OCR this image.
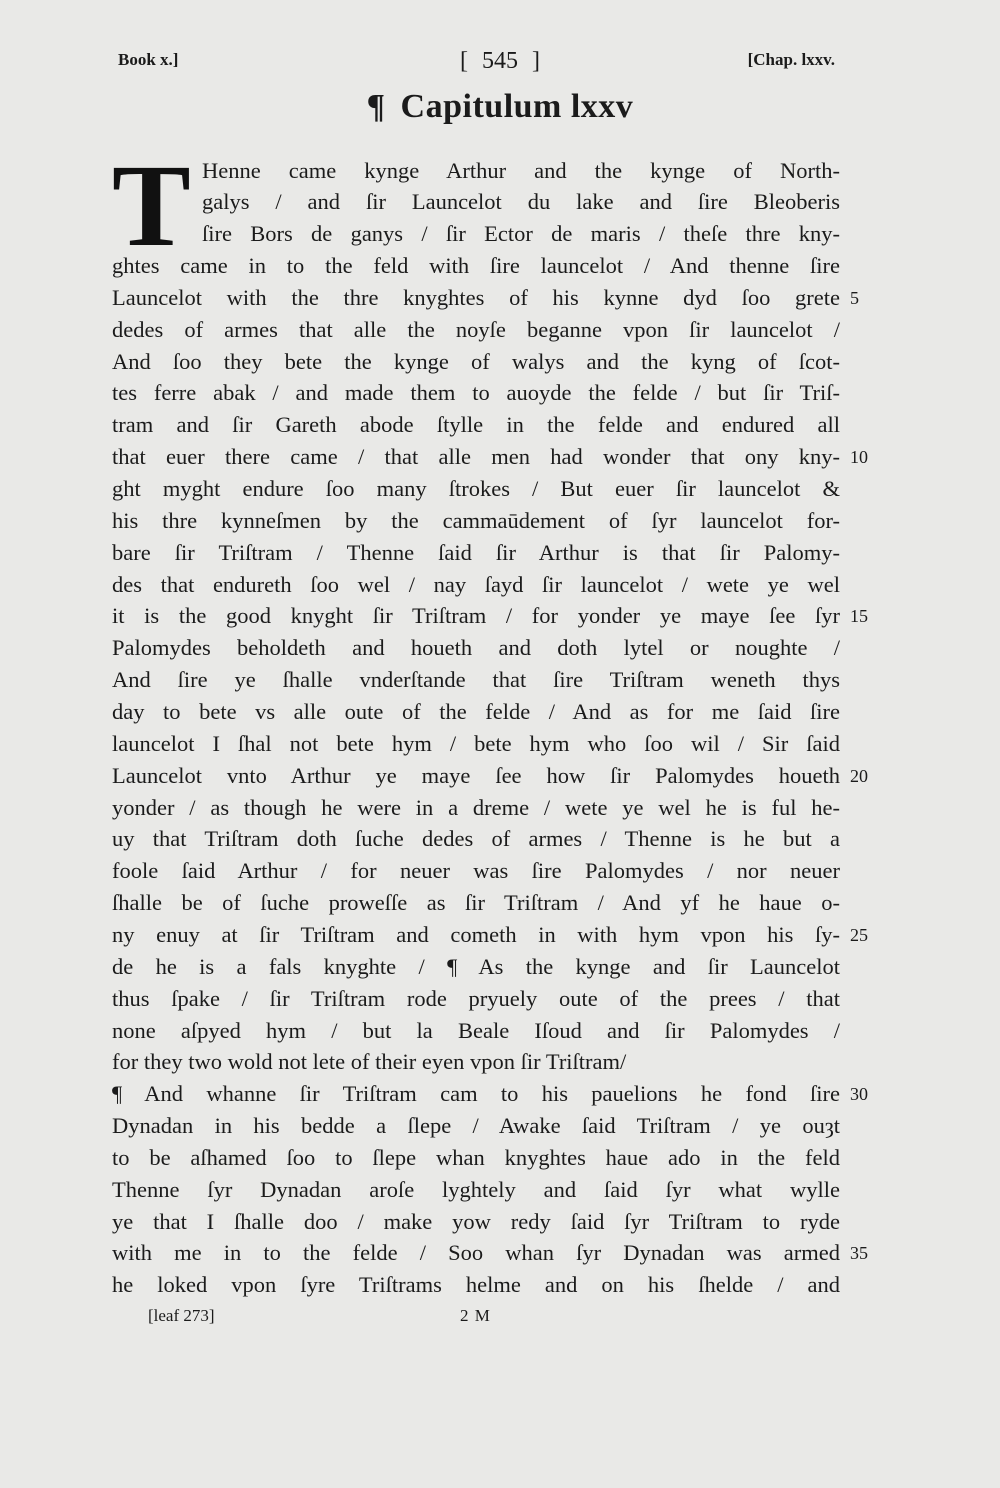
Book x.]	[ 545 ]	[Chap. lxxv.
¶ Capitulum lxxv
T Henne came kynge Arthur and the kynge of North-
galys / and ſir Launcelot du lake and ſire Bleoberis
ſire Bors de ganys / ſir Ector de maris / theſe thre kny-
ghtes came in to the feld with ſire launcelot / And thenne ſire
Launcelot with the thre knyghtes of his kynne dyd ſoo grete
dedes of armes that alle the noyſe beganne vpon ſir launcelot /
And ſoo they bete the kynge of walys and the kyng of ſcot-
tes ferre abak / and made them to auoyde the felde / but ſir Triſ-
tram and ſir Gareth abode ſtylle in the felde and endured all
that euer there came / that alle men had wonder that ony kny-
ght myght endure ſoo many ſtrokes / But euer ſir launcelot &
his thre kynneſmen by the cammaūdement of ſyr launcelot for-
bare ſir Triſtram / Thenne ſaid ſir Arthur is that ſir Palomy-
des that endureth ſoo wel / nay ſayd ſir launcelot / wete ye wel
it is the good knyght ſir Triſtram / for yonder ye maye ſee ſyr
Palomydes beholdeth and houeth and doth lytel or noughte /
And ſire ye ſhalle vnderſtande that ſire Triſtram weneth thys
day to bete vs alle oute of the felde / And as for me ſaid ſire
launcelot I ſhal not bete hym / bete hym who ſoo wil / Sir ſaid
Launcelot vnto Arthur ye maye ſee how ſir Palomydes houeth
yonder / as though he were in a dreme / wete ye wel he is ful he-
uy that Triſtram doth ſuche dedes of armes / Thenne is he but a
foole ſaid Arthur / for neuer was ſire Palomydes / nor neuer
ſhalle be of ſuche proweſſe as ſir Triſtram / And yf he haue o-
ny enuy at ſir Triſtram and cometh in with hym vpon his ſy-
de he is a fals knyghte / ¶ As the kynge and ſir Launcelot
thus ſpake / ſir Triſtram rode pryuely oute of the prees / that
none aſpyed hym / but la Beale Iſoud and ſir Palomydes /
for they two wold not lete of their eyen vpon ſir Triſtram/
¶ And whanne ſir Triſtram cam to his pauelions he fond ſire
Dynadan in his bedde a ſlepe / Awake ſaid Triſtram / ye ouȝt
to be aſhamed ſoo to ſlepe whan knyghtes haue ado in the feld
Thenne ſyr Dynadan aroſe lyghtely and ſaid ſyr what wylle
ye that I ſhalle doo / make yow redy ſaid ſyr Triſtram to ryde
with me in to the felde / Soo whan ſyr Dynadan was armed
he loked vpon ſyre Triſtrams helme and on his ſhelde / and
5
10
15
20
25
30
35
[leaf 273]	2 M
